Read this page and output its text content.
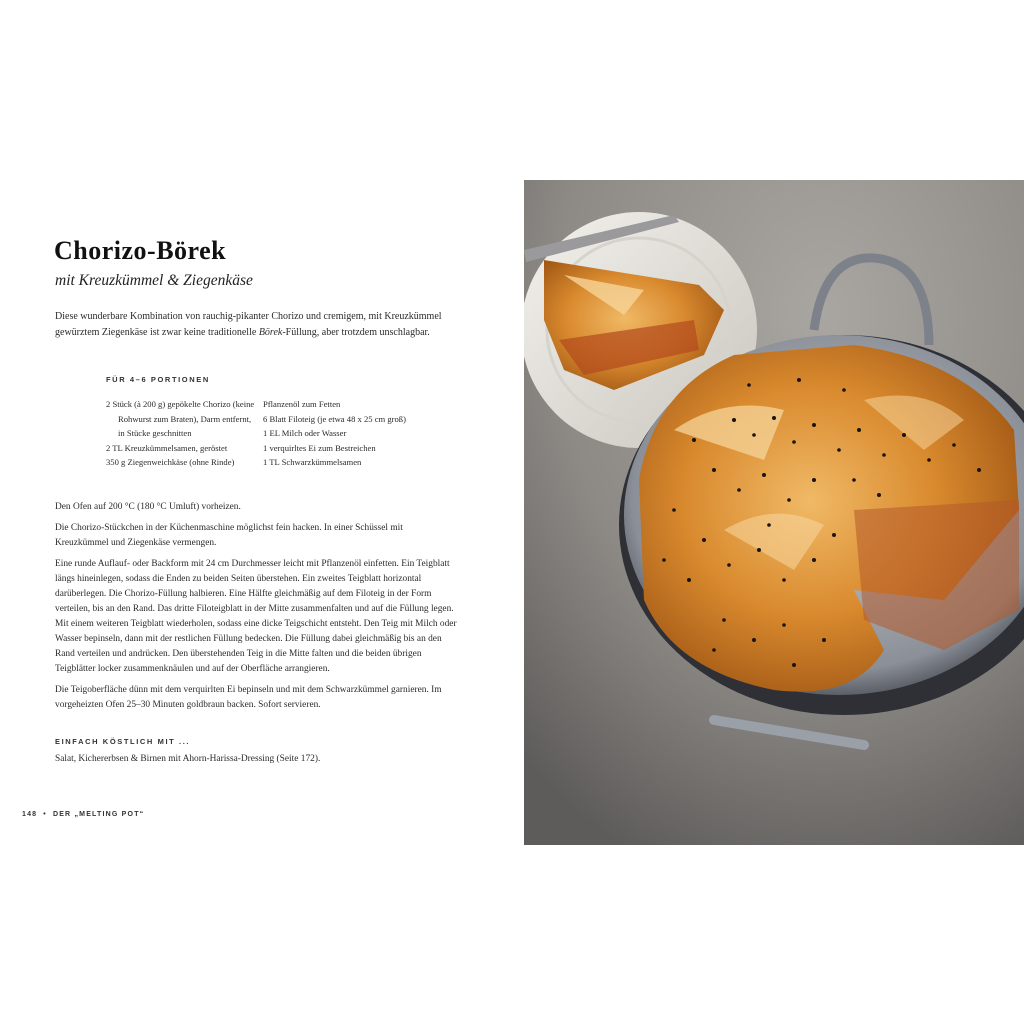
Chorizo-Börek
mit Kreuzkümmel & Ziegenkäse

Diese wunderbare Kombination von rauchig-pikanter Chorizo und cremigem, mit Kreuzkümmel gewürztem Ziegenkäse ist zwar keine traditionelle Börek-Füllung, aber trotzdem unschlagbar.

FÜR 4–6 PORTIONEN
2 Stück (à 200 g) gepökelte Chorizo (keine Rohwurst zum Braten), Darm entfernt, in Stücke geschnitten
2 TL Kreuzkümmelsamen, geröstet
350 g Ziegenweichkäse (ohne Rinde)
Pflanzenöl zum Fetten
6 Blatt Filoteig (je etwa 48 x 25 cm groß)
1 EL Milch oder Wasser
1 verquirltes Ei zum Bestreichen
1 TL Schwarzkümmelsamen

Den Ofen auf 200 °C (180 °C Umluft) vorheizen.

Die Chorizo-Stückchen in der Küchenmaschine möglichst fein hacken. In einer Schüssel mit Kreuzkümmel und Ziegenkäse vermengen.

Eine runde Auflauf- oder Backform mit 24 cm Durchmesser leicht mit Pflanzenöl einfetten. Ein Teigblatt längs hineinlegen, sodass die Enden zu beiden Seiten überstehen. Ein zweites Teigblatt horizontal darüberlegen. Die Chorizo-Füllung halbieren. Eine Hälfte gleichmäßig auf dem Filoteig in der Form verteilen, bis an den Rand. Das dritte Filoteigblatt in der Mitte zusammenfalten und auf die Füllung legen. Mit einem weiteren Teigblatt wiederholen, sodass eine dicke Teigschicht entsteht. Den Teig mit Milch oder Wasser bepinseln, dann mit der restlichen Füllung bedecken. Die Füllung dabei gleichmäßig bis an den Rand verteilen und andrücken. Den überstehenden Teig in die Mitte falten und die beiden übrigen Teigblätter locker zusammenknäulen und auf der Oberfläche arrangieren.

Die Teigoberfläche dünn mit dem verquirlten Ei bepinseln und mit dem Schwarzkümmel garnieren. Im vorgeheizten Ofen 25–30 Minuten goldbraun backen. Sofort servieren.

EINFACH KÖSTLICH MIT ...
Salat, Kichererbsen & Birnen mit Ahorn-Harissa-Dressing (Seite 172).
148 • DER „MELTING POT“
